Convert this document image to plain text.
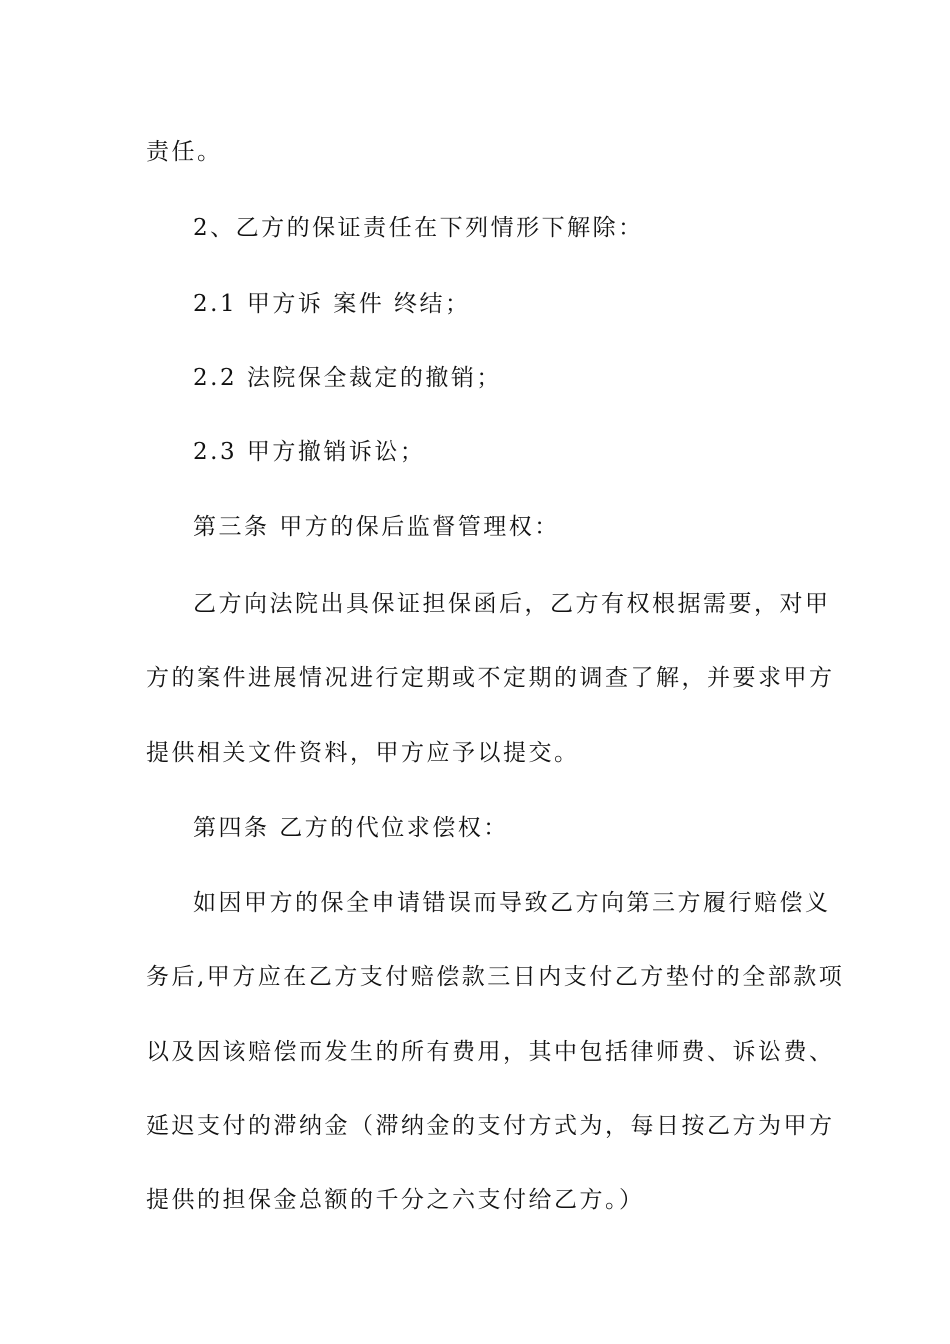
责任。
2、乙方的保证责任在下列情形下解除：
2.1 甲方诉 案件 终结；
2.2 法院保全裁定的撤销；
2.3 甲方撤销诉讼；
第三条 甲方的保后监督管理权：
乙方向法院出具保证担保函后，乙方有权根据需要，对甲
方的案件进展情况进行定期或不定期的调查了解，并要求甲方
提供相关文件资料，甲方应予以提交。
第四条 乙方的代位求偿权：
如因甲方的保全申请错误而导致乙方向第三方履行赔偿义
务后,甲方应在乙方支付赔偿款三日内支付乙方垫付的全部款项
以及因该赔偿而发生的所有费用，其中包括律师费、诉讼费、
延迟支付的滞纳金（滞纳金的支付方式为，每日按乙方为甲方
提供的担保金总额的千分之六支付给乙方。）
